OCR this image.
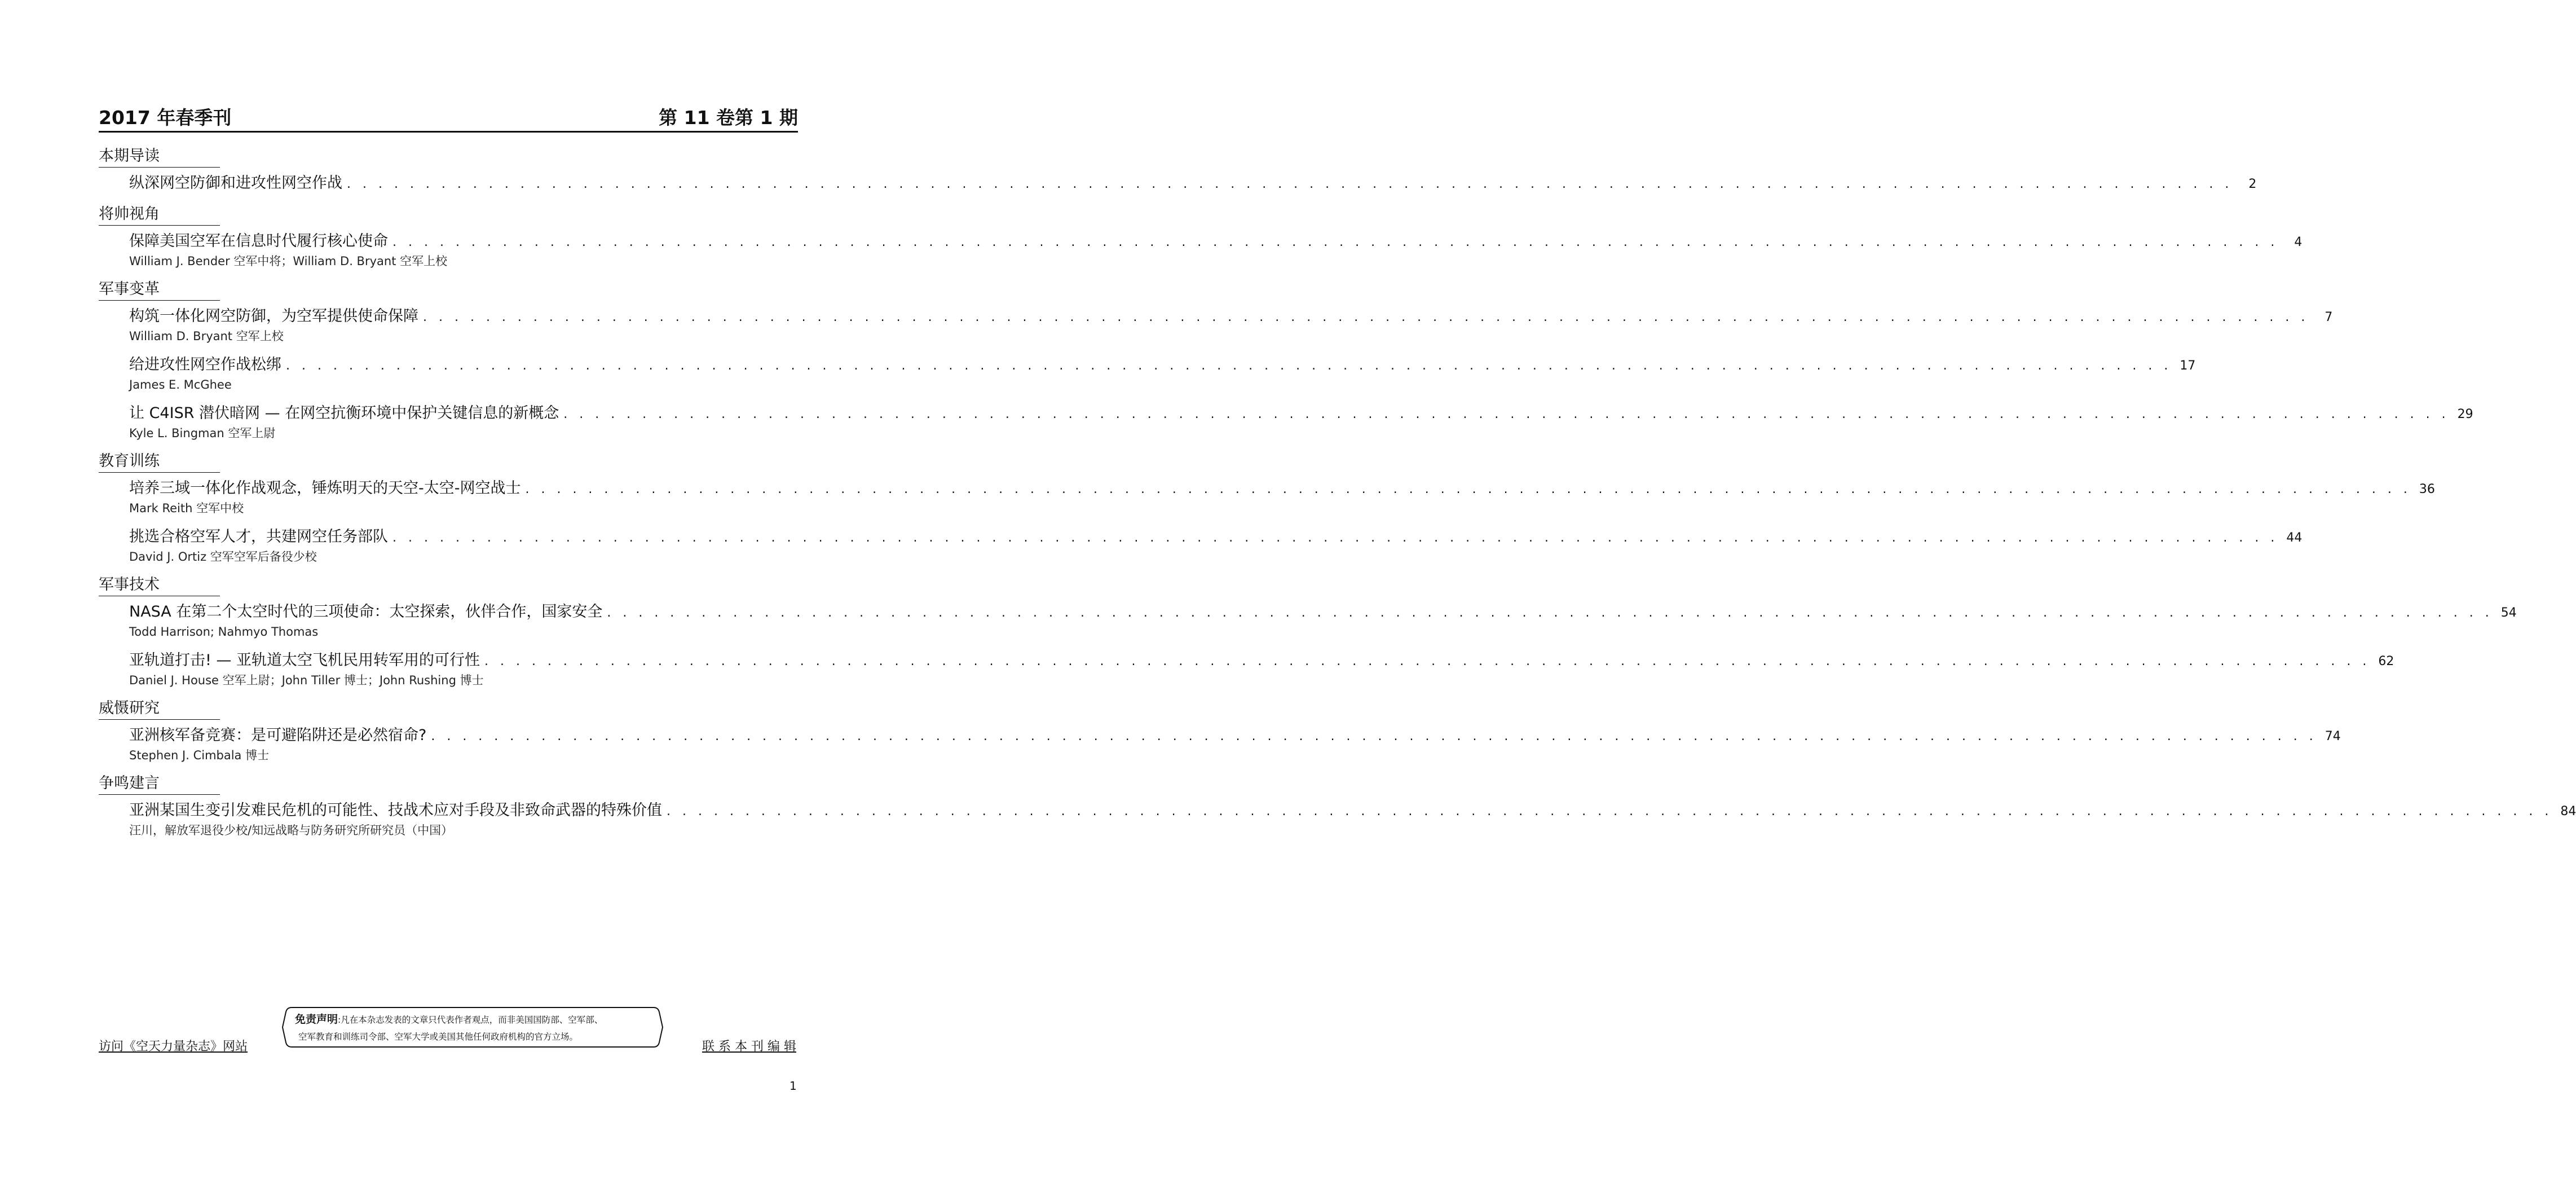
2017 年春季刊	第 11 卷第 1 期
本期导读
纵深网空防御和进攻性网空作战 . . . . . . . . . . . . . . . . . . . . . . . . . . . . . . . . . . . . . . . . . . . . . . . . . . . . . . . . . . . . . . . . . . . . . . . . . . . . . . . . . . . . . . . . . . . . . . . . . . . . . . . . . . . . . . . . . . . . . . . .	2
将帅视角
保障美国空军在信息时代履行核心使命 . . . . . . . . . . . . . . . . . . . . . . . . . . . . . . . . . . . . . . . . . . . . . . . . . . . . . . . . . . . . . . . . . . . . . . . . . . . . . . . . . . . . . . . . . . . . . . . . . . . . . . . . . . . . . . . . . . . . . . . .	4
William J. Bender 空军中将；William D. Bryant 空军上校
军事变革
构筑一体化网空防御，为空军提供使命保障 . . . . . . . . . . . . . . . . . . . . . . . . . . . . . . . . . . . . . . . . . . . . . . . . . . . . . . . . . . . . . . . . . . . . . . . . . . . . . . . . . . . . . . . . . . . . . . . . . . . . . . . . . . . . . . . . . . . . . . . .	7
William D. Bryant 空军上校
给进攻性网空作战松绑 . . . . . . . . . . . . . . . . . . . . . . . . . . . . . . . . . . . . . . . . . . . . . . . . . . . . . . . . . . . . . . . . . . . . . . . . . . . . . . . . . . . . . . . . . . . . . . . . . . . . . . . . . . . . . . . . . . . . . . . . 17
James E. McGhee
让 C4ISR 潜伏暗网 — 在网空抗衡环境中保护关键信息的新概念 . . . . . . . . . . . . . . . . . . . . . . . . . . . . . . . . . . . . . . . . . . . . . . . . . . . . . . . . . . . . . . . . . . . . . . . . . . . . . . . . . . . . . . . . . . . . . . . . . . . . . . . . . . . . . . . . . . . . . . . . 29
Kyle L. Bingman 空军上尉
教育训练
培养三域一体化作战观念，锤炼明天的天空-太空-网空战士 . . . . . . . . . . . . . . . . . . . . . . . . . . . . . . . . . . . . . . . . . . . . . . . . . . . . . . . . . . . . . . . . . . . . . . . . . . . . . . . . . . . . . . . . . . . . . . . . . . . . . . . . . . . . . . . . . . . . . . . . 36
Mark Reith 空军中校
挑选合格空军人才，共建网空任务部队 . . . . . . . . . . . . . . . . . . . . . . . . . . . . . . . . . . . . . . . . . . . . . . . . . . . . . . . . . . . . . . . . . . . . . . . . . . . . . . . . . . . . . . . . . . . . . . . . . . . . . . . . . . . . . . . . . . . . . . . . 44
David J. Ortiz 空军空军后备役少校
军事技术
NASA 在第二个太空时代的三项使命：太空探索，伙伴合作，国家安全 . . . . . . . . . . . . . . . . . . . . . . . . . . . . . . . . . . . . . . . . . . . . . . . . . . . . . . . . . . . . . . . . . . . . . . . . . . . . . . . . . . . . . . . . . . . . . . . . . . . . . . . . . . . . . . . . . . . . . . . . 54
Todd Harrison; Nahmyo Thomas
亚轨道打击! — 亚轨道太空飞机民用转军用的可行性 . . . . . . . . . . . . . . . . . . . . . . . . . . . . . . . . . . . . . . . . . . . . . . . . . . . . . . . . . . . . . . . . . . . . . . . . . . . . . . . . . . . . . . . . . . . . . . . . . . . . . . . . . . . . . . . . . . . . . . . . 62
Daniel J. House 空军上尉；John Tiller 博士；John Rushing 博士
威慑研究
亚洲核军备竞赛：是可避陷阱还是必然宿命? . . . . . . . . . . . . . . . . . . . . . . . . . . . . . . . . . . . . . . . . . . . . . . . . . . . . . . . . . . . . . . . . . . . . . . . . . . . . . . . . . . . . . . . . . . . . . . . . . . . . . . . . . . . . . . . . . . . . . . . . 74
Stephen J. Cimbala 博士
争鸣建言
亚洲某国生变引发难民危机的可能性、技战术应对手段及非致命武器的特殊价值 . . . . . . . . . . . . . . . . . . . . . . . . . . . . . . . . . . . . . . . . . . . . . . . . . . . . . . . . . . . . . . . . . . . . . . . . . . . . . . . . . . . . . . . . . . . . . . . . . . . . . . . . . . . . . . . . . . . . . . . . 84
汪川，解放军退役少校/知远战略与防务研究所研究员（中国）
访问《空天力量杂志》网站
免责声明:凡在本杂志发表的文章只代表作者观点，而非美国国防部、空军部、
空军教育和训练司令部、空军大学或美国其他任何政府机构的官方立场。
联 系 本 刊 编 辑
1
